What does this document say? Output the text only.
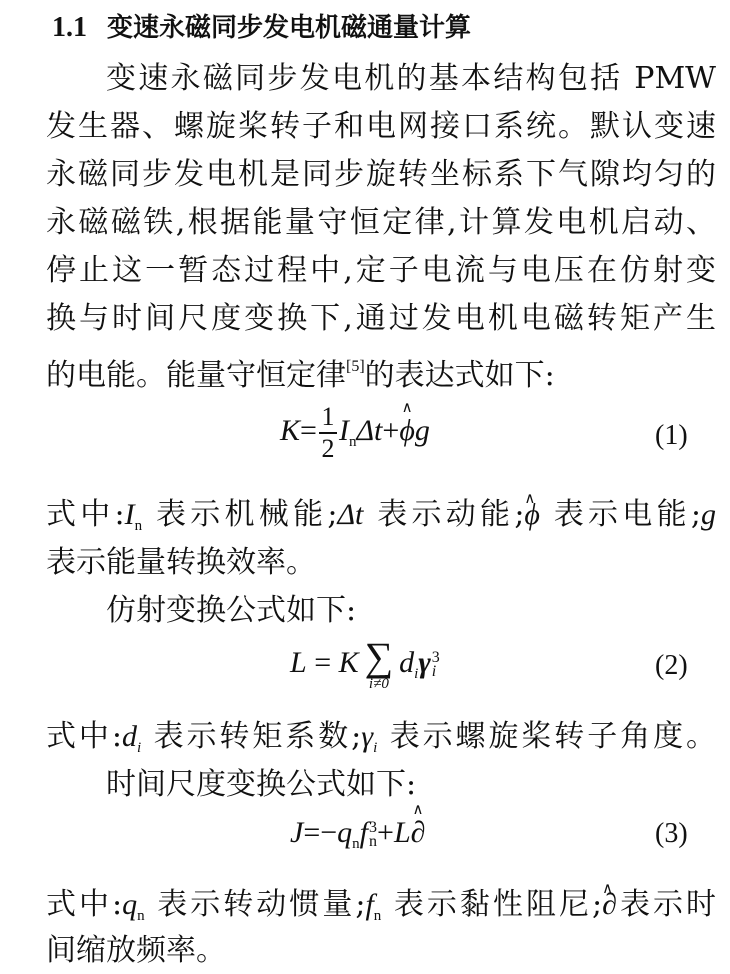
1.1 变速永磁同步发电机磁通量计算
变速永磁同步发电机的基本结构包括 PMW
发生器、螺旋桨转子和电网接口系统。默认变速
永磁同步发电机是同步旋转坐标系下气隙均匀的
永磁磁铁,根据能量守恒定律,计算发电机启动、
停止这一暂态过程中,定子电流与电压在仿射变
换与时间尺度变换下,通过发电机电磁转矩产生
的电能。能量守恒定律[5]的表达式如下:
$K= \frac{1}{2}$ $I_n\Delta t+\wedge$ ϕg	(1)
式中$:I_n$ 表示机械能;Δt 表示动能;∧ ϕ 表示电能;g
表示能量转换效率。
仿射变换公式如下:
L = K ∑
i≠0
$d_i\gamma$ 3
i	(2)
式中$:d_i$ 表示转矩系数$;\gamma_i$ 表示螺旋桨转子角度。
时间尺度变换公式如下:
$J=-q_nf$ 3
n +L∧ ∂	(3)
式中$:q_n$ 表示转动惯量$;f_n$ 表示黏性阻尼;∧ ∂表示时
间缩放频率。
